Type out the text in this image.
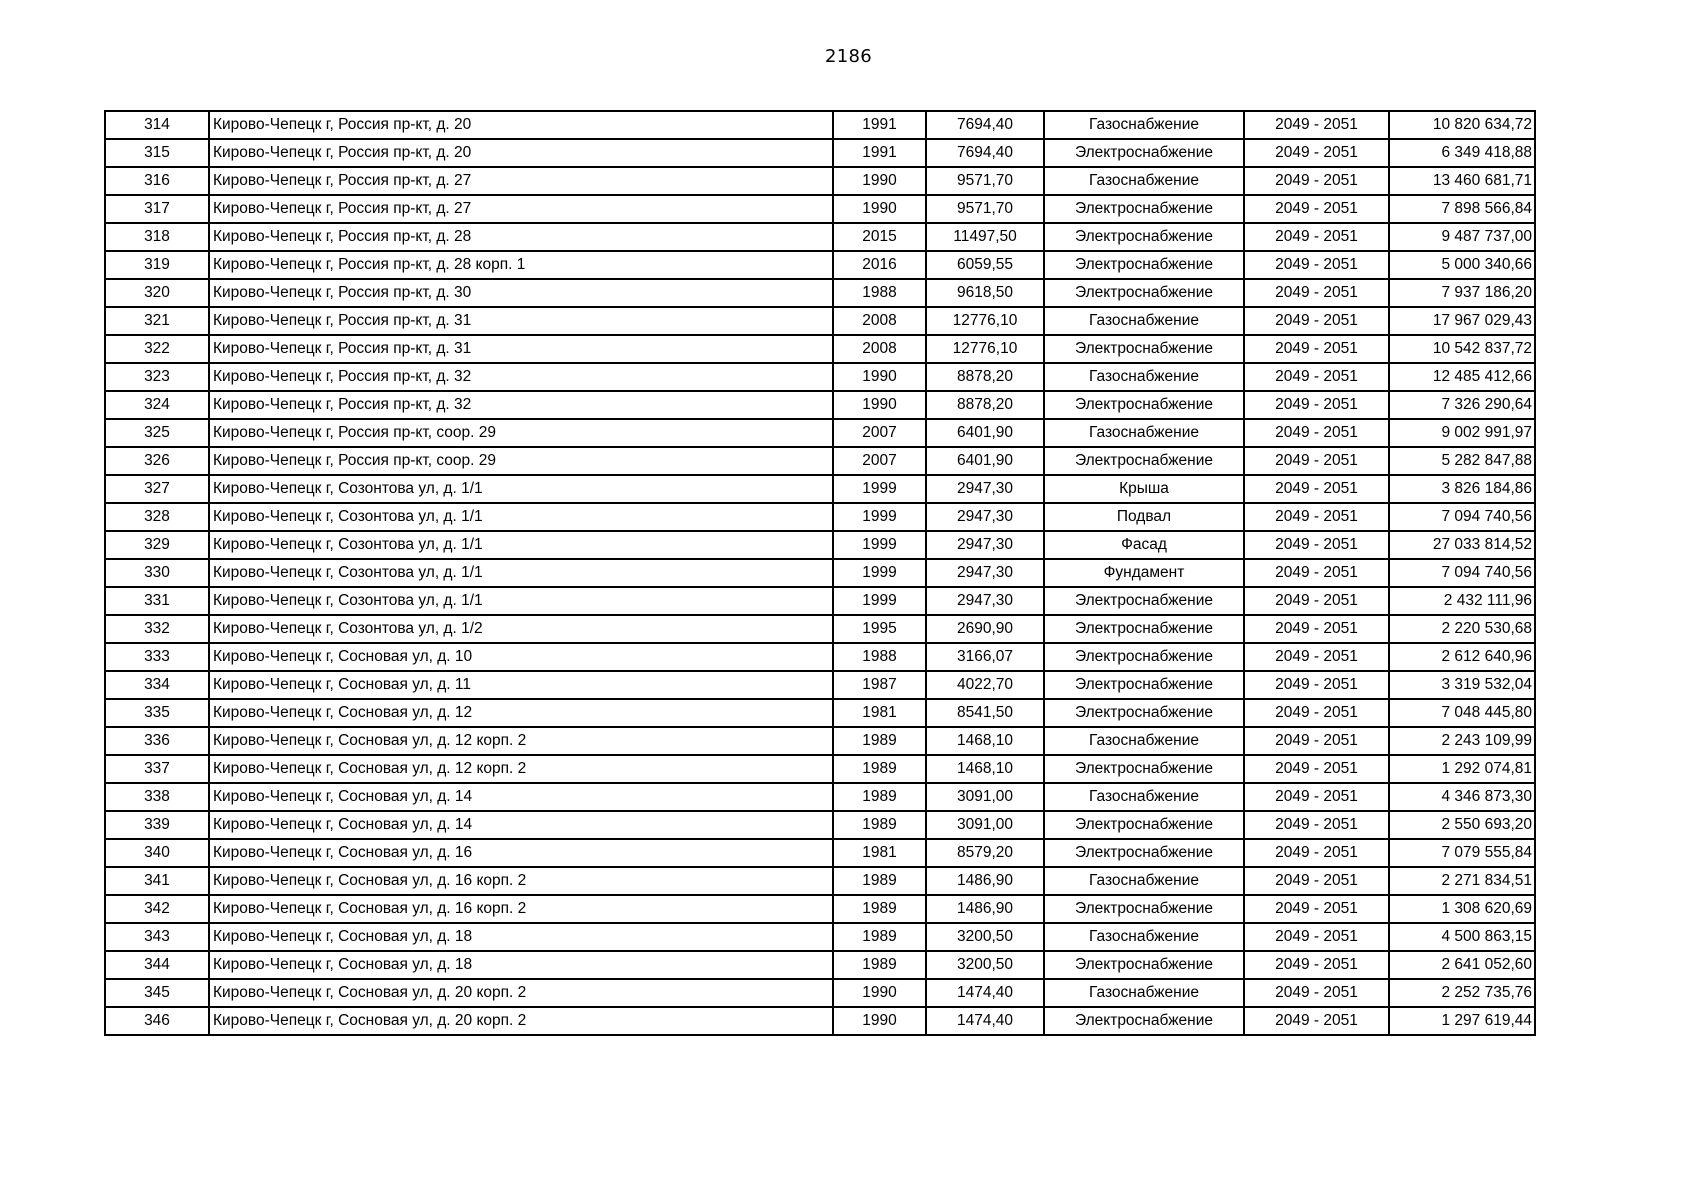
2186
314	Кирово-Чепецк г, Россия пр-кт, д. 20	1991	7694,40	Газоснабжение	2049 - 2051	10 820 634,72
315	Кирово-Чепецк г, Россия пр-кт, д. 20	1991	7694,40	Электроснабжение	2049 - 2051	6 349 418,88
316	Кирово-Чепецк г, Россия пр-кт, д. 27	1990	9571,70	Газоснабжение	2049 - 2051	13 460 681,71
317	Кирово-Чепецк г, Россия пр-кт, д. 27	1990	9571,70	Электроснабжение	2049 - 2051	7 898 566,84
318	Кирово-Чепецк г, Россия пр-кт, д. 28	2015	11497,50	Электроснабжение	2049 - 2051	9 487 737,00
319	Кирово-Чепецк г, Россия пр-кт, д. 28 корп. 1	2016	6059,55	Электроснабжение	2049 - 2051	5 000 340,66
320	Кирово-Чепецк г, Россия пр-кт, д. 30	1988	9618,50	Электроснабжение	2049 - 2051	7 937 186,20
321	Кирово-Чепецк г, Россия пр-кт, д. 31	2008	12776,10	Газоснабжение	2049 - 2051	17 967 029,43
322	Кирово-Чепецк г, Россия пр-кт, д. 31	2008	12776,10	Электроснабжение	2049 - 2051	10 542 837,72
323	Кирово-Чепецк г, Россия пр-кт, д. 32	1990	8878,20	Газоснабжение	2049 - 2051	12 485 412,66
324	Кирово-Чепецк г, Россия пр-кт, д. 32	1990	8878,20	Электроснабжение	2049 - 2051	7 326 290,64
325	Кирово-Чепецк г, Россия пр-кт, соор. 29	2007	6401,90	Газоснабжение	2049 - 2051	9 002 991,97
326	Кирово-Чепецк г, Россия пр-кт, соор. 29	2007	6401,90	Электроснабжение	2049 - 2051	5 282 847,88
327	Кирово-Чепецк г, Созонтова ул, д. 1/1	1999	2947,30	Крыша	2049 - 2051	3 826 184,86
328	Кирово-Чепецк г, Созонтова ул, д. 1/1	1999	2947,30	Подвал	2049 - 2051	7 094 740,56
329	Кирово-Чепецк г, Созонтова ул, д. 1/1	1999	2947,30	Фасад	2049 - 2051	27 033 814,52
330	Кирово-Чепецк г, Созонтова ул, д. 1/1	1999	2947,30	Фундамент	2049 - 2051	7 094 740,56
331	Кирово-Чепецк г, Созонтова ул, д. 1/1	1999	2947,30	Электроснабжение	2049 - 2051	2 432 111,96
332	Кирово-Чепецк г, Созонтова ул, д. 1/2	1995	2690,90	Электроснабжение	2049 - 2051	2 220 530,68
333	Кирово-Чепецк г, Сосновая ул, д. 10	1988	3166,07	Электроснабжение	2049 - 2051	2 612 640,96
334	Кирово-Чепецк г, Сосновая ул, д. 11	1987	4022,70	Электроснабжение	2049 - 2051	3 319 532,04
335	Кирово-Чепецк г, Сосновая ул, д. 12	1981	8541,50	Электроснабжение	2049 - 2051	7 048 445,80
336	Кирово-Чепецк г, Сосновая ул, д. 12 корп. 2	1989	1468,10	Газоснабжение	2049 - 2051	2 243 109,99
337	Кирово-Чепецк г, Сосновая ул, д. 12 корп. 2	1989	1468,10	Электроснабжение	2049 - 2051	1 292 074,81
338	Кирово-Чепецк г, Сосновая ул, д. 14	1989	3091,00	Газоснабжение	2049 - 2051	4 346 873,30
339	Кирово-Чепецк г, Сосновая ул, д. 14	1989	3091,00	Электроснабжение	2049 - 2051	2 550 693,20
340	Кирово-Чепецк г, Сосновая ул, д. 16	1981	8579,20	Электроснабжение	2049 - 2051	7 079 555,84
341	Кирово-Чепецк г, Сосновая ул, д. 16 корп. 2	1989	1486,90	Газоснабжение	2049 - 2051	2 271 834,51
342	Кирово-Чепецк г, Сосновая ул, д. 16 корп. 2	1989	1486,90	Электроснабжение	2049 - 2051	1 308 620,69
343	Кирово-Чепецк г, Сосновая ул, д. 18	1989	3200,50	Газоснабжение	2049 - 2051	4 500 863,15
344	Кирово-Чепецк г, Сосновая ул, д. 18	1989	3200,50	Электроснабжение	2049 - 2051	2 641 052,60
345	Кирово-Чепецк г, Сосновая ул, д. 20 корп. 2	1990	1474,40	Газоснабжение	2049 - 2051	2 252 735,76
346	Кирово-Чепецк г, Сосновая ул, д. 20 корп. 2	1990	1474,40	Электроснабжение	2049 - 2051	1 297 619,44
